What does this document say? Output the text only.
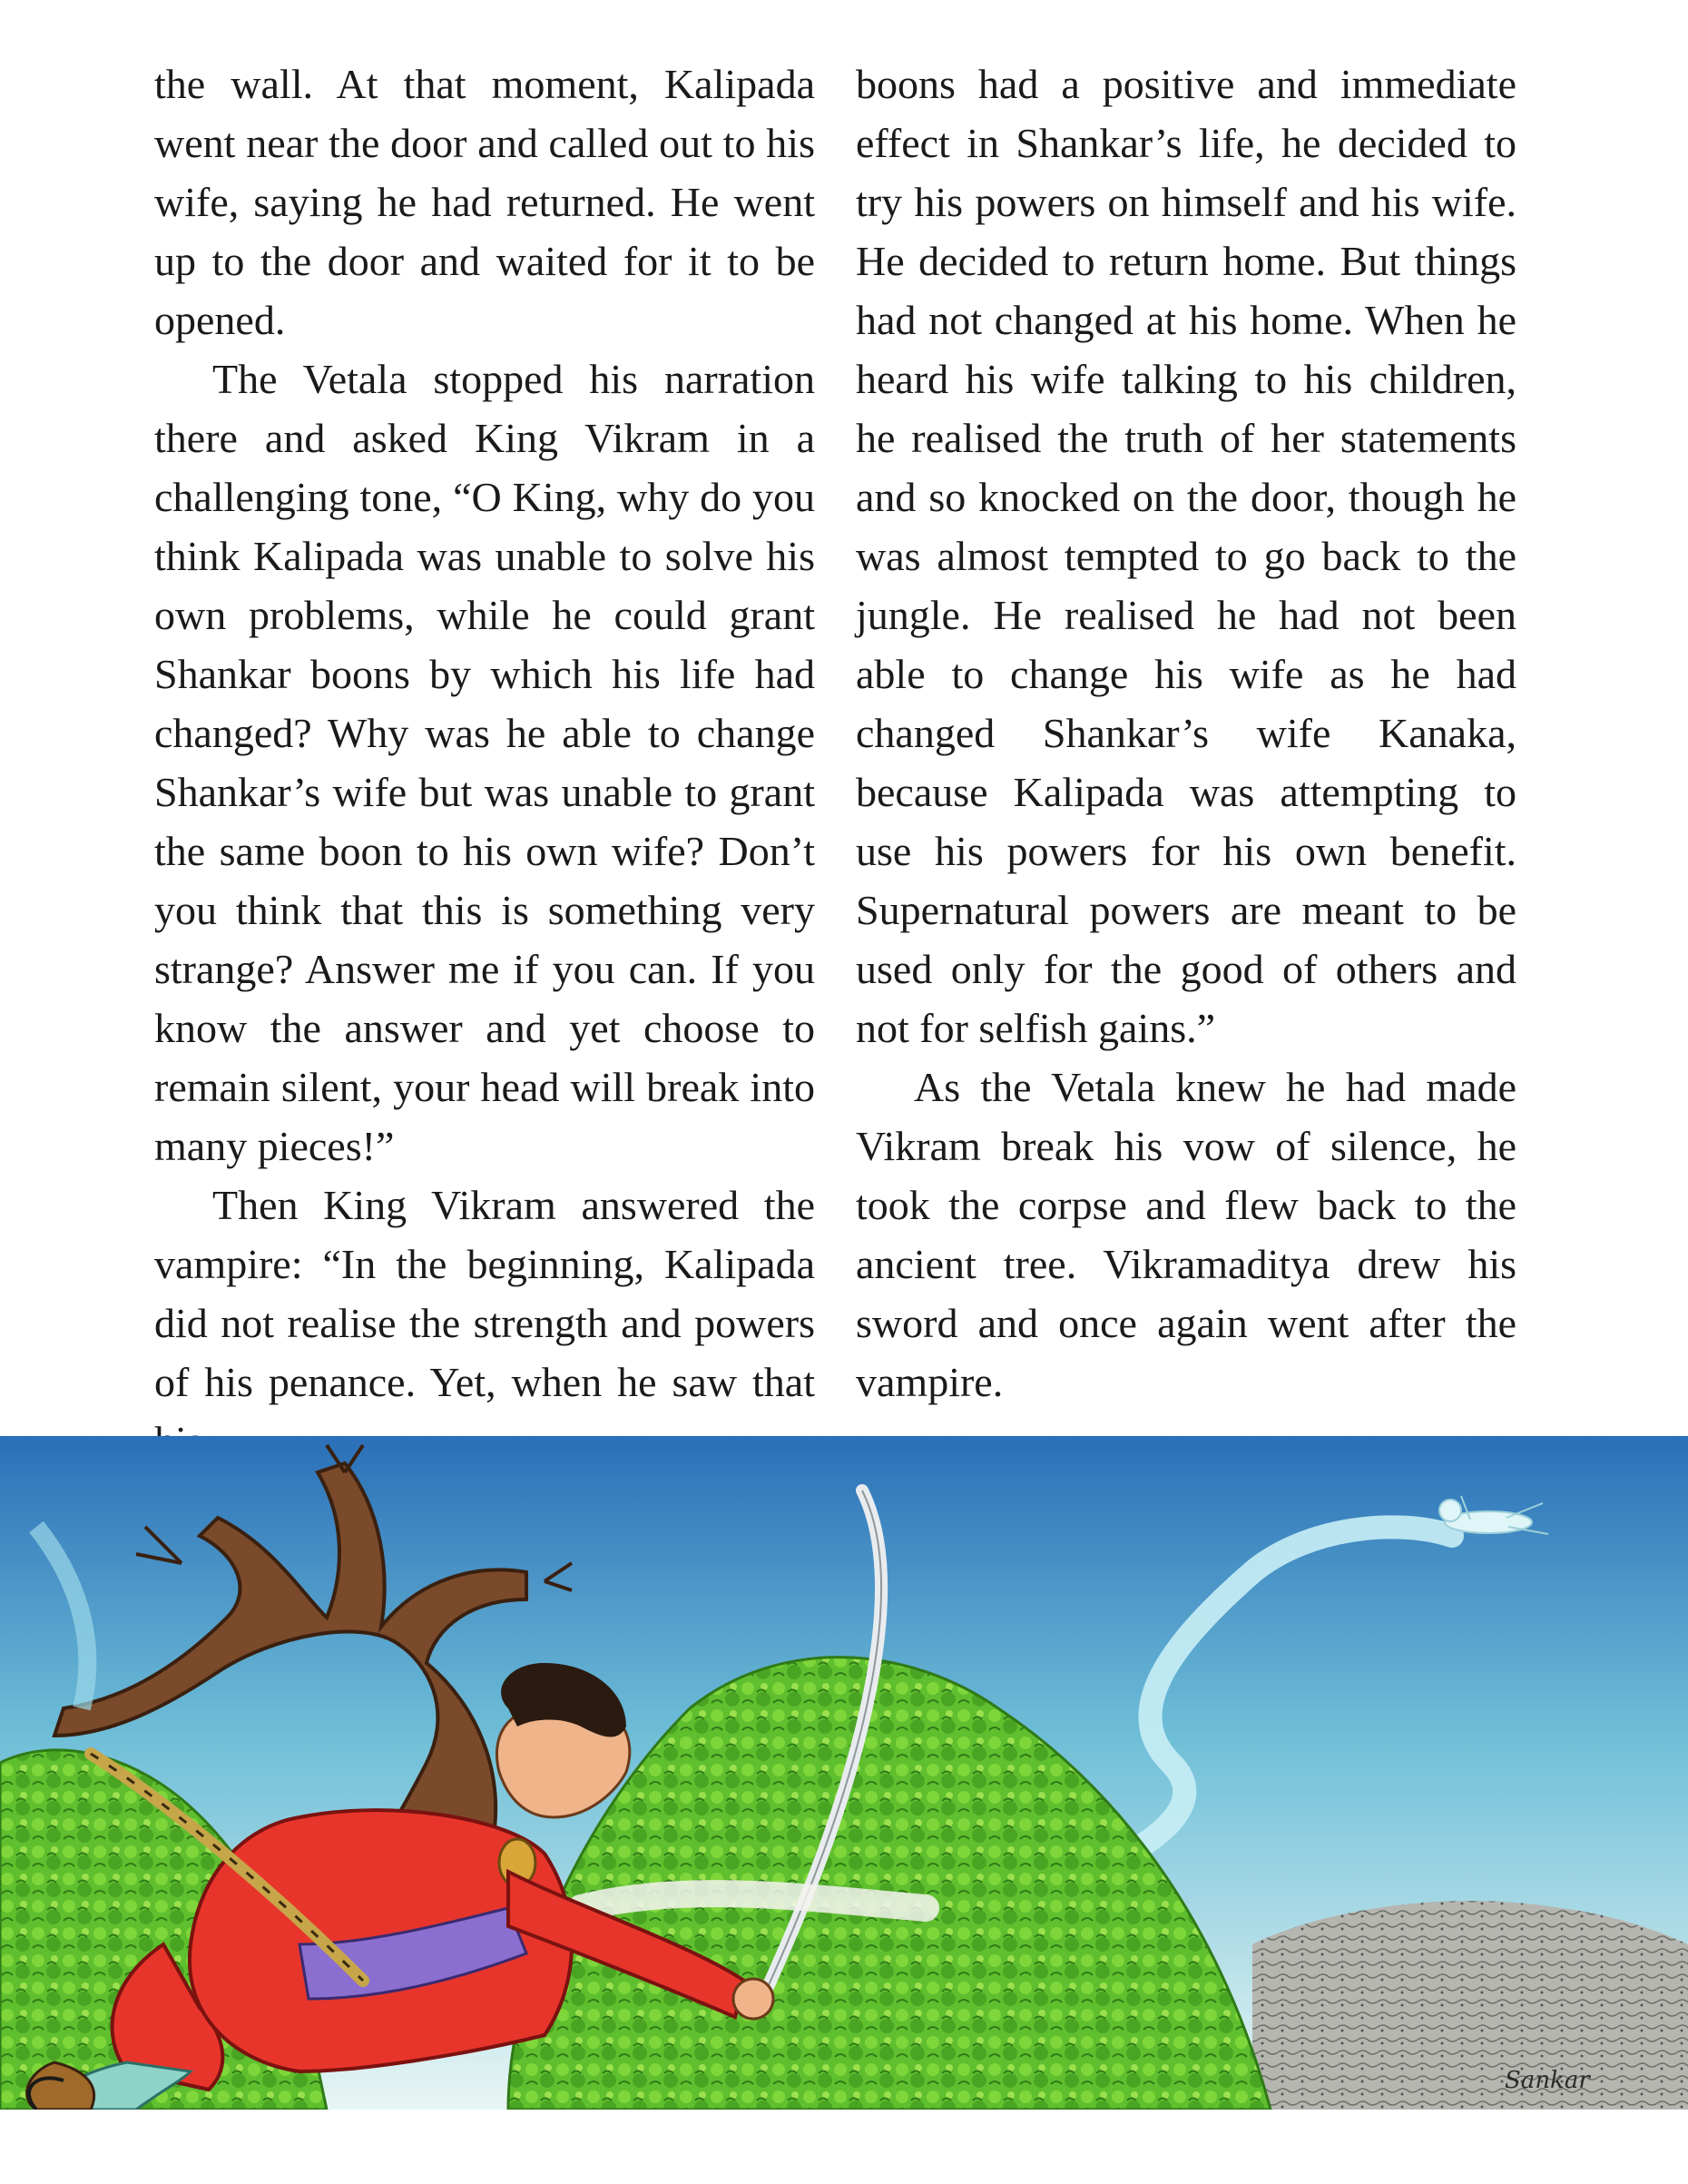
the wall. At that moment, Kalipada went near the door and called out to his wife, saying he had returned. He went up to the door and waited for it to be opened.

The Vetala stopped his narration there and asked King Vikram in a challenging tone, “O King, why do you think Kalipada was unable to solve his own problems, while he could grant Shankar boons by which his life had changed? Why was he able to change Shankar’s wife but was unable to grant the same boon to his own wife? Don’t you think that this is something very strange? Answer me if you can. If you know the answer and yet choose to remain silent, your head will break into many pieces!”

Then King Vikram answered the vampire: “In the beginning, Kalipada did not realise the strength and powers of his penance. Yet, when he saw that

boons had a positive and immediate effect in Shankar’s life, he decided to try his powers on himself and his wife. He decided to return home. But things had not changed at his home. When he heard his wife talking to his children, he realised the truth of her statements and so knocked on the door, though he was almost tempted to go back to the jungle. He realised he had not been able to change his wife as he had changed Shankar’s wife Kanaka, because Kalipada was attempting to use his powers for his own benefit. Supernatural powers are meant to be used only for the good of others and not for selfish gains.”

As the Vetala knew he had made Vikram break his vow of silence, he took the corpse and flew back to the ancient tree. Vikramaditya drew his sword and once again went after the vampire.

Sankar
